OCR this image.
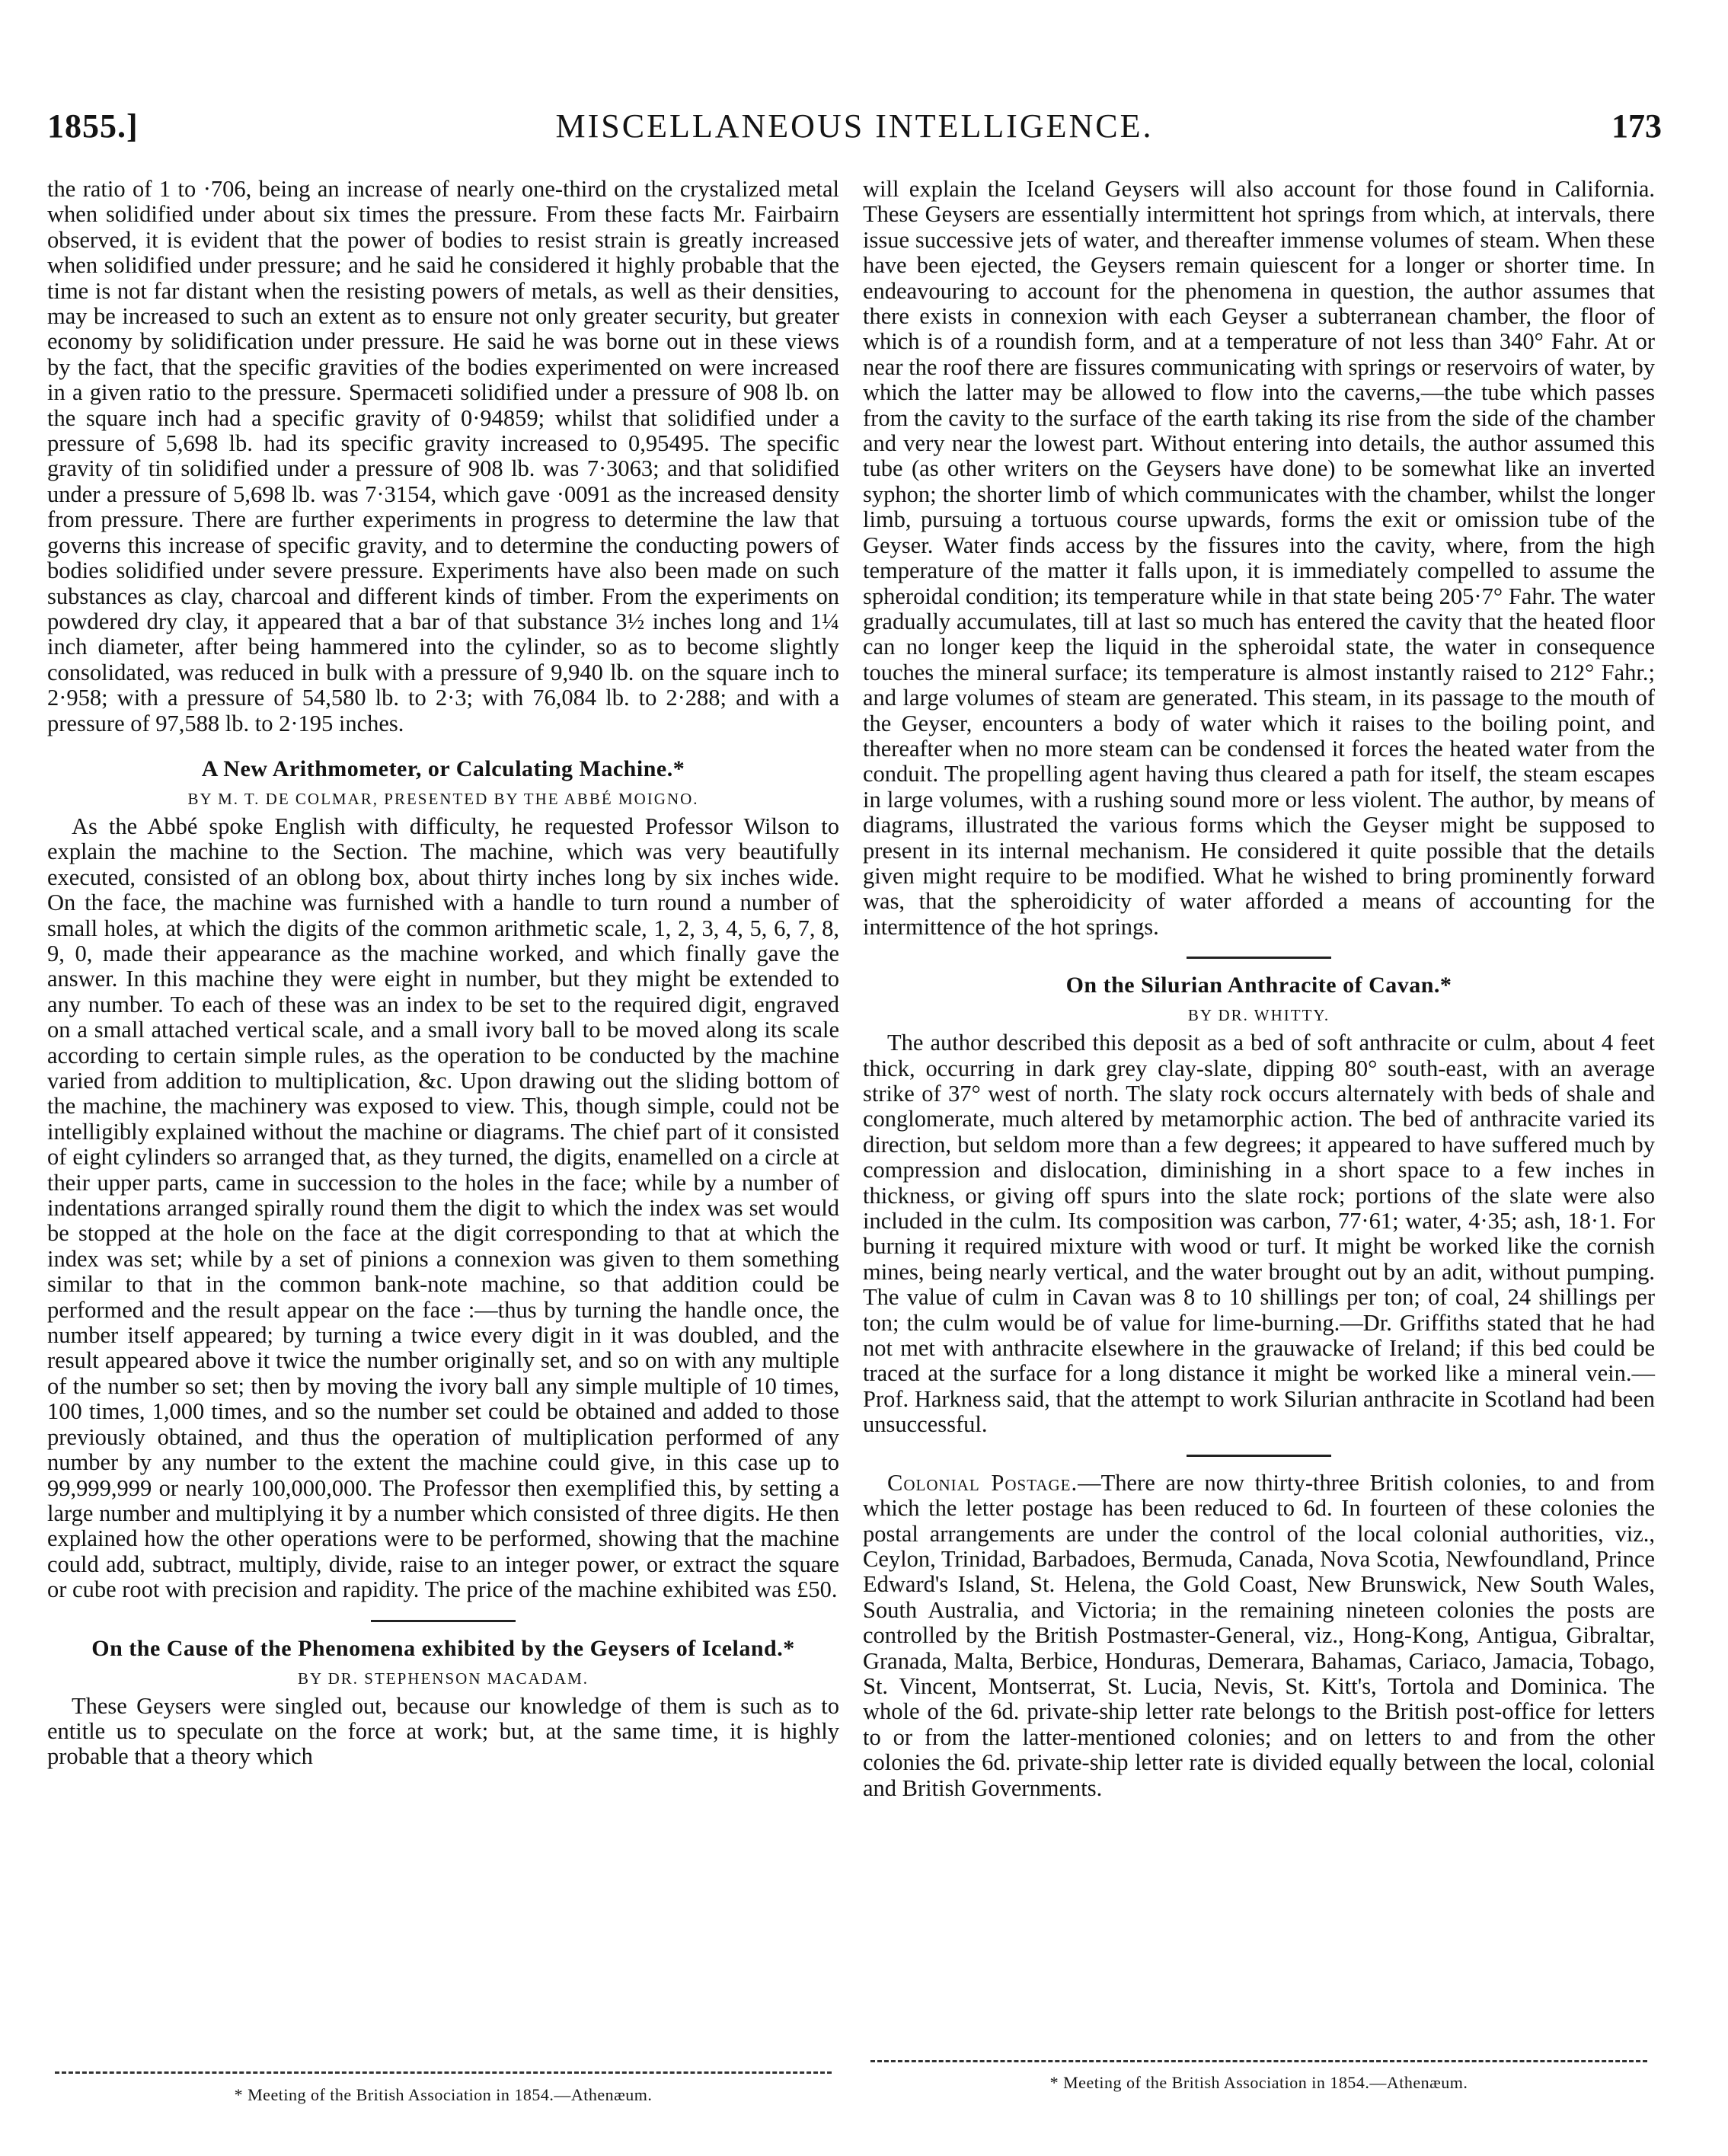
1855.]	MISCELLANEOUS INTELLIGENCE.	173

the ratio of 1 to ·706, being an increase of nearly one-third on the crystalized metal when solidified under about six times the pressure. From these facts Mr. Fairbairn observed, it is evident that the power of bodies to resist strain is greatly increased when solidified under pressure; and he said he considered it highly probable that the time is not far distant when the resisting powers of metals, as well as their densities, may be increased to such an extent as to ensure not only greater security, but greater economy by solidification under pressure. He said he was borne out in these views by the fact, that the specific gravities of the bodies experimented on were increased in a given ratio to the pressure. Spermaceti solidified under a pressure of 908 lb. on the square inch had a specific gravity of 0·94859; whilst that solidified under a pressure of 5,698 lb. had its specific gravity increased to 0,95495. The specific gravity of tin solidified under a pressure of 908 lb. was 7·3063; and that solidified under a pressure of 5,698 lb. was 7·3154, which gave ·0091 as the increased density from pressure. There are further experiments in progress to determine the law that governs this increase of specific gravity, and to determine the conducting powers of bodies solidified under severe pressure. Experiments have also been made on such substances as clay, charcoal and different kinds of timber. From the experiments on powdered dry clay, it appeared that a bar of that substance 3½ inches long and 1¼ inch diameter, after being hammered into the cylinder, so as to become slightly consolidated, was reduced in bulk with a pressure of 9,940 lb. on the square inch to 2·958; with a pressure of 54,580 lb. to 2·3; with 76,084 lb. to 2·288; and with a pressure of 97,588 lb. to 2·195 inches.

A New Arithmometer, or Calculating Machine.*
BY M. T. DE COLMAR, PRESENTED BY THE ABBÉ MOIGNO.

As the Abbé spoke English with difficulty, he requested Professor Wilson to explain the machine to the Section. The machine, which was very beautifully executed, consisted of an oblong box, about thirty inches long by six inches wide. On the face, the machine was furnished with a handle to turn round a number of small holes, at which the digits of the common arithmetic scale, 1, 2, 3, 4, 5, 6, 7, 8, 9, 0, made their appearance as the machine worked, and which finally gave the answer. In this machine they were eight in number, but they might be extended to any number. To each of these was an index to be set to the required digit, engraved on a small attached vertical scale, and a small ivory ball to be moved along its scale according to certain simple rules, as the operation to be conducted by the machine varied from addition to multiplication, &c. Upon drawing out the sliding bottom of the machine, the machinery was exposed to view. This, though simple, could not be intelligibly explained without the machine or diagrams. The chief part of it consisted of eight cylinders so arranged that, as they turned, the digits, enamelled on a circle at their upper parts, came in succession to the holes in the face; while by a number of indentations arranged spirally round them the digit to which the index was set would be stopped at the hole on the face at the digit corresponding to that at which the index was set; while by a set of pinions a connexion was given to them something similar to that in the common bank-note machine, so that addition could be performed and the result appear on the face :—thus by turning the handle once, the number itself appeared; by turning a twice every digit in it was doubled, and the result appeared above it twice the number originally set, and so on with any multiple of the number so set; then by moving the ivory ball any simple multiple of 10 times, 100 times, 1,000 times, and so the number set could be obtained and added to those previously obtained, and thus the operation of multiplication performed of any number by any number to the extent the machine could give, in this case up to 99,999,999 or nearly 100,000,000. The Professor then exemplified this, by setting a large number and multiplying it by a number which consisted of three digits. He then explained how the other operations were to be performed, showing that the machine could add, subtract, multiply, divide, raise to an integer power, or extract the square or cube root with precision and rapidity. The price of the machine exhibited was £50.

On the Cause of the Phenomena exhibited by the Geysers of Iceland.*
BY DR. STEPHENSON MACADAM.

These Geysers were singled out, because our knowledge of them is such as to entitle us to speculate on the force at work; but, at the same time, it is highly probable that a theory which

* Meeting of the British Association in 1854.—Athenæum.

will explain the Iceland Geysers will also account for those found in California. These Geysers are essentially intermittent hot springs from which, at intervals, there issue successive jets of water, and thereafter immense volumes of steam. When these have been ejected, the Geysers remain quiescent for a longer or shorter time. In endeavouring to account for the phenomena in question, the author assumes that there exists in connexion with each Geyser a subterranean chamber, the floor of which is of a roundish form, and at a temperature of not less than 340° Fahr. At or near the roof there are fissures communicating with springs or reservoirs of water, by which the latter may be allowed to flow into the caverns,—the tube which passes from the cavity to the surface of the earth taking its rise from the side of the chamber and very near the lowest part. Without entering into details, the author assumed this tube (as other writers on the Geysers have done) to be somewhat like an inverted syphon; the shorter limb of which communicates with the chamber, whilst the longer limb, pursuing a tortuous course upwards, forms the exit or omission tube of the Geyser. Water finds access by the fissures into the cavity, where, from the high temperature of the matter it falls upon, it is immediately compelled to assume the spheroidal condition; its temperature while in that state being 205·7° Fahr. The water gradually accumulates, till at last so much has entered the cavity that the heated floor can no longer keep the liquid in the spheroidal state, the water in consequence touches the mineral surface; its temperature is almost instantly raised to 212° Fahr.; and large volumes of steam are generated. This steam, in its passage to the mouth of the Geyser, encounters a body of water which it raises to the boiling point, and thereafter when no more steam can be condensed it forces the heated water from the conduit. The propelling agent having thus cleared a path for itself, the steam escapes in large volumes, with a rushing sound more or less violent. The author, by means of diagrams, illustrated the various forms which the Geyser might be supposed to present in its internal mechanism. He considered it quite possible that the details given might require to be modified. What he wished to bring prominently forward was, that the spheroidicity of water afforded a means of accounting for the intermittence of the hot springs.

On the Silurian Anthracite of Cavan.*
BY DR. WHITTY.

The author described this deposit as a bed of soft anthracite or culm, about 4 feet thick, occurring in dark grey clay-slate, dipping 80° south-east, with an average strike of 37° west of north. The slaty rock occurs alternately with beds of shale and conglomerate, much altered by metamorphic action. The bed of anthracite varied its direction, but seldom more than a few degrees; it appeared to have suffered much by compression and dislocation, diminishing in a short space to a few inches in thickness, or giving off spurs into the slate rock; portions of the slate were also included in the culm. Its composition was carbon, 77·61; water, 4·35; ash, 18·1. For burning it required mixture with wood or turf. It might be worked like the cornish mines, being nearly vertical, and the water brought out by an adit, without pumping. The value of culm in Cavan was 8 to 10 shillings per ton; of coal, 24 shillings per ton; the culm would be of value for lime-burning.—Dr. Griffiths stated that he had not met with anthracite elsewhere in the grauwacke of Ireland; if this bed could be traced at the surface for a long distance it might be worked like a mineral vein.—Prof. Harkness said, that the attempt to work Silurian anthracite in Scotland had been unsuccessful.

Colonial Postage.—There are now thirty-three British colonies, to and from which the letter postage has been reduced to 6d. In fourteen of these colonies the postal arrangements are under the control of the local colonial authorities, viz., Ceylon, Trinidad, Barbadoes, Bermuda, Canada, Nova Scotia, Newfoundland, Prince Edward's Island, St. Helena, the Gold Coast, New Brunswick, New South Wales, South Australia, and Victoria; in the remaining nineteen colonies the posts are controlled by the British Postmaster-General, viz., Hong-Kong, Antigua, Gibraltar, Granada, Malta, Berbice, Honduras, Demerara, Bahamas, Cariaco, Jamacia, Tobago, St. Vincent, Montserrat, St. Lucia, Nevis, St. Kitt's, Tortola and Dominica. The whole of the 6d. private-ship letter rate belongs to the British post-office for letters to or from the latter-mentioned colonies; and on letters to and from the other colonies the 6d. private-ship letter rate is divided equally between the local, colonial and British Governments.

* Meeting of the British Association in 1854.—Athenæum.
